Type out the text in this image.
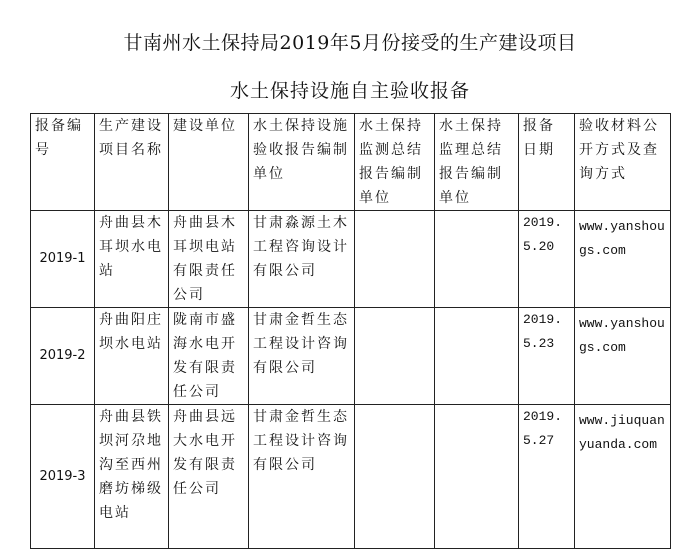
甘南州水土保持局2019年5月份接受的生产建设项目
水土保持设施自主验收报备
报备编号	生产建设项目名称	建设单位	水土保持设施验收报告编制单位	水土保持监测总结报告编制单位	水土保持监理总结报告编制单位	报备日期	验收材料公开方式及查询方式
2019-1	舟曲县木耳坝水电站	舟曲县木耳坝电站有限责任公司	甘肃淼源土木工程咨询设计有限公司			2019.5.20	www.yanshougs.com
2019-2	舟曲阳庄坝水电站	陇南市盛海水电开发有限责任公司	甘肃金哲生态工程设计咨询有限公司			2019.5.23	www.yanshougs.com
2019-3	舟曲县铁坝河尕地沟至西州磨坊梯级电站	舟曲县远大水电开发有限责任公司	甘肃金哲生态工程设计咨询有限公司			2019.5.27	www.jiuquanyuanda.com
